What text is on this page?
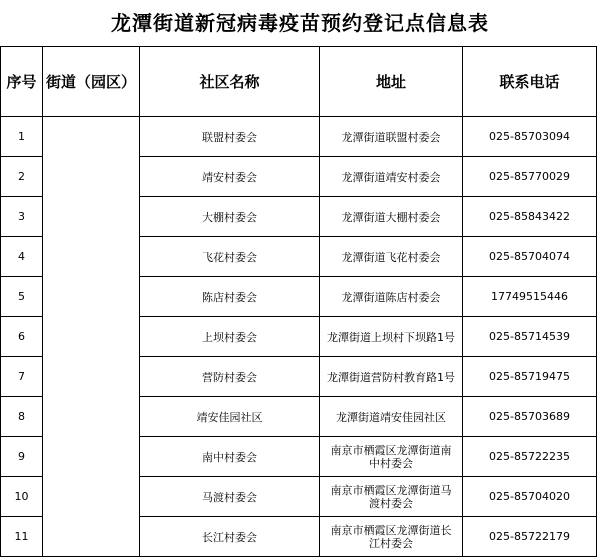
龙潭街道新冠病毒疫苗预约登记点信息表
序号	街道（园区）	社区名称	地址	联系电话
1		联盟村委会	龙潭街道联盟村委会	025-85703094
2		靖安村委会	龙潭街道靖安村委会	025-85770029
3		大棚村委会	龙潭街道大棚村委会	025-85843422
4		飞花村委会	龙潭街道飞花村委会	025-85704074
5		陈店村委会	龙潭街道陈店村委会	17749515446
6		上坝村委会	龙潭街道上坝村下坝路1号	025-85714539
7		营防村委会	龙潭街道营防村教育路1号	025-85719475
8		靖安佳园社区	龙潭街道靖安佳园社区	025-85703689
9		南中村委会	南京市栖霞区龙潭街道南中村委会	025-85722235
10		马渡村委会	南京市栖霞区龙潭街道马渡村委会	025-85704020
11		长江村委会	南京市栖霞区龙潭街道长江村委会	025-85722179
